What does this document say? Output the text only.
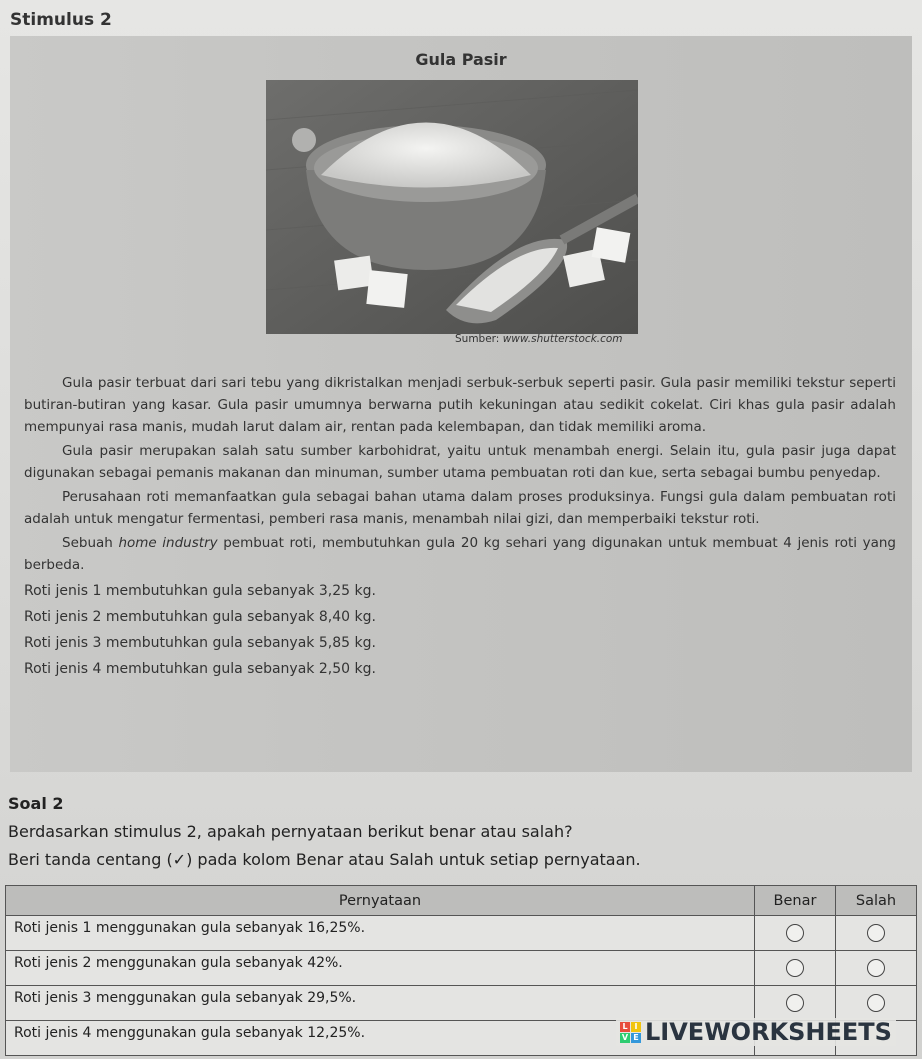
Stimulus 2
Gula Pasir
Sumber: www.shutterstock.com

Gula pasir terbuat dari sari tebu yang dikristalkan menjadi serbuk-serbuk seperti pasir. Gula pasir memiliki tekstur seperti butiran-butiran yang kasar. Gula pasir umumnya berwarna putih kekuningan atau sedikit cokelat. Ciri khas gula pasir adalah mempunyai rasa manis, mudah larut dalam air, rentan pada kelembapan, dan tidak memiliki aroma.

Gula pasir merupakan salah satu sumber karbohidrat, yaitu untuk menambah energi. Selain itu, gula pasir juga dapat digunakan sebagai pemanis makanan dan minuman, sumber utama pembuatan roti dan kue, serta sebagai bumbu penyedap.

Perusahaan roti memanfaatkan gula sebagai bahan utama dalam proses produksinya. Fungsi gula dalam pembuatan roti adalah untuk mengatur fermentasi, pemberi rasa manis, menambah nilai gizi, dan memperbaiki tekstur roti.

Sebuah home industry pembuat roti, membutuhkan gula 20 kg sehari yang digunakan untuk membuat 4 jenis roti yang berbeda.

Roti jenis 1 membutuhkan gula sebanyak 3,25 kg.

Roti jenis 2 membutuhkan gula sebanyak 8,40 kg.

Roti jenis 3 membutuhkan gula sebanyak 5,85 kg.

Roti jenis 4 membutuhkan gula sebanyak 2,50 kg.

Soal 2
Berdasarkan stimulus 2, apakah pernyataan berikut benar atau salah?
Beri tanda centang (✓) pada kolom Benar atau Salah untuk setiap pernyataan.
Pernyataan	Benar	Salah
Roti jenis 1 menggunakan gula sebanyak 16,25%.		
Roti jenis 2 menggunakan gula sebanyak 42%.		
Roti jenis 3 menggunakan gula sebanyak 29,5%.		
Roti jenis 4 menggunakan gula sebanyak 12,25%.			L I
V E LIVEWORKSHEETS
